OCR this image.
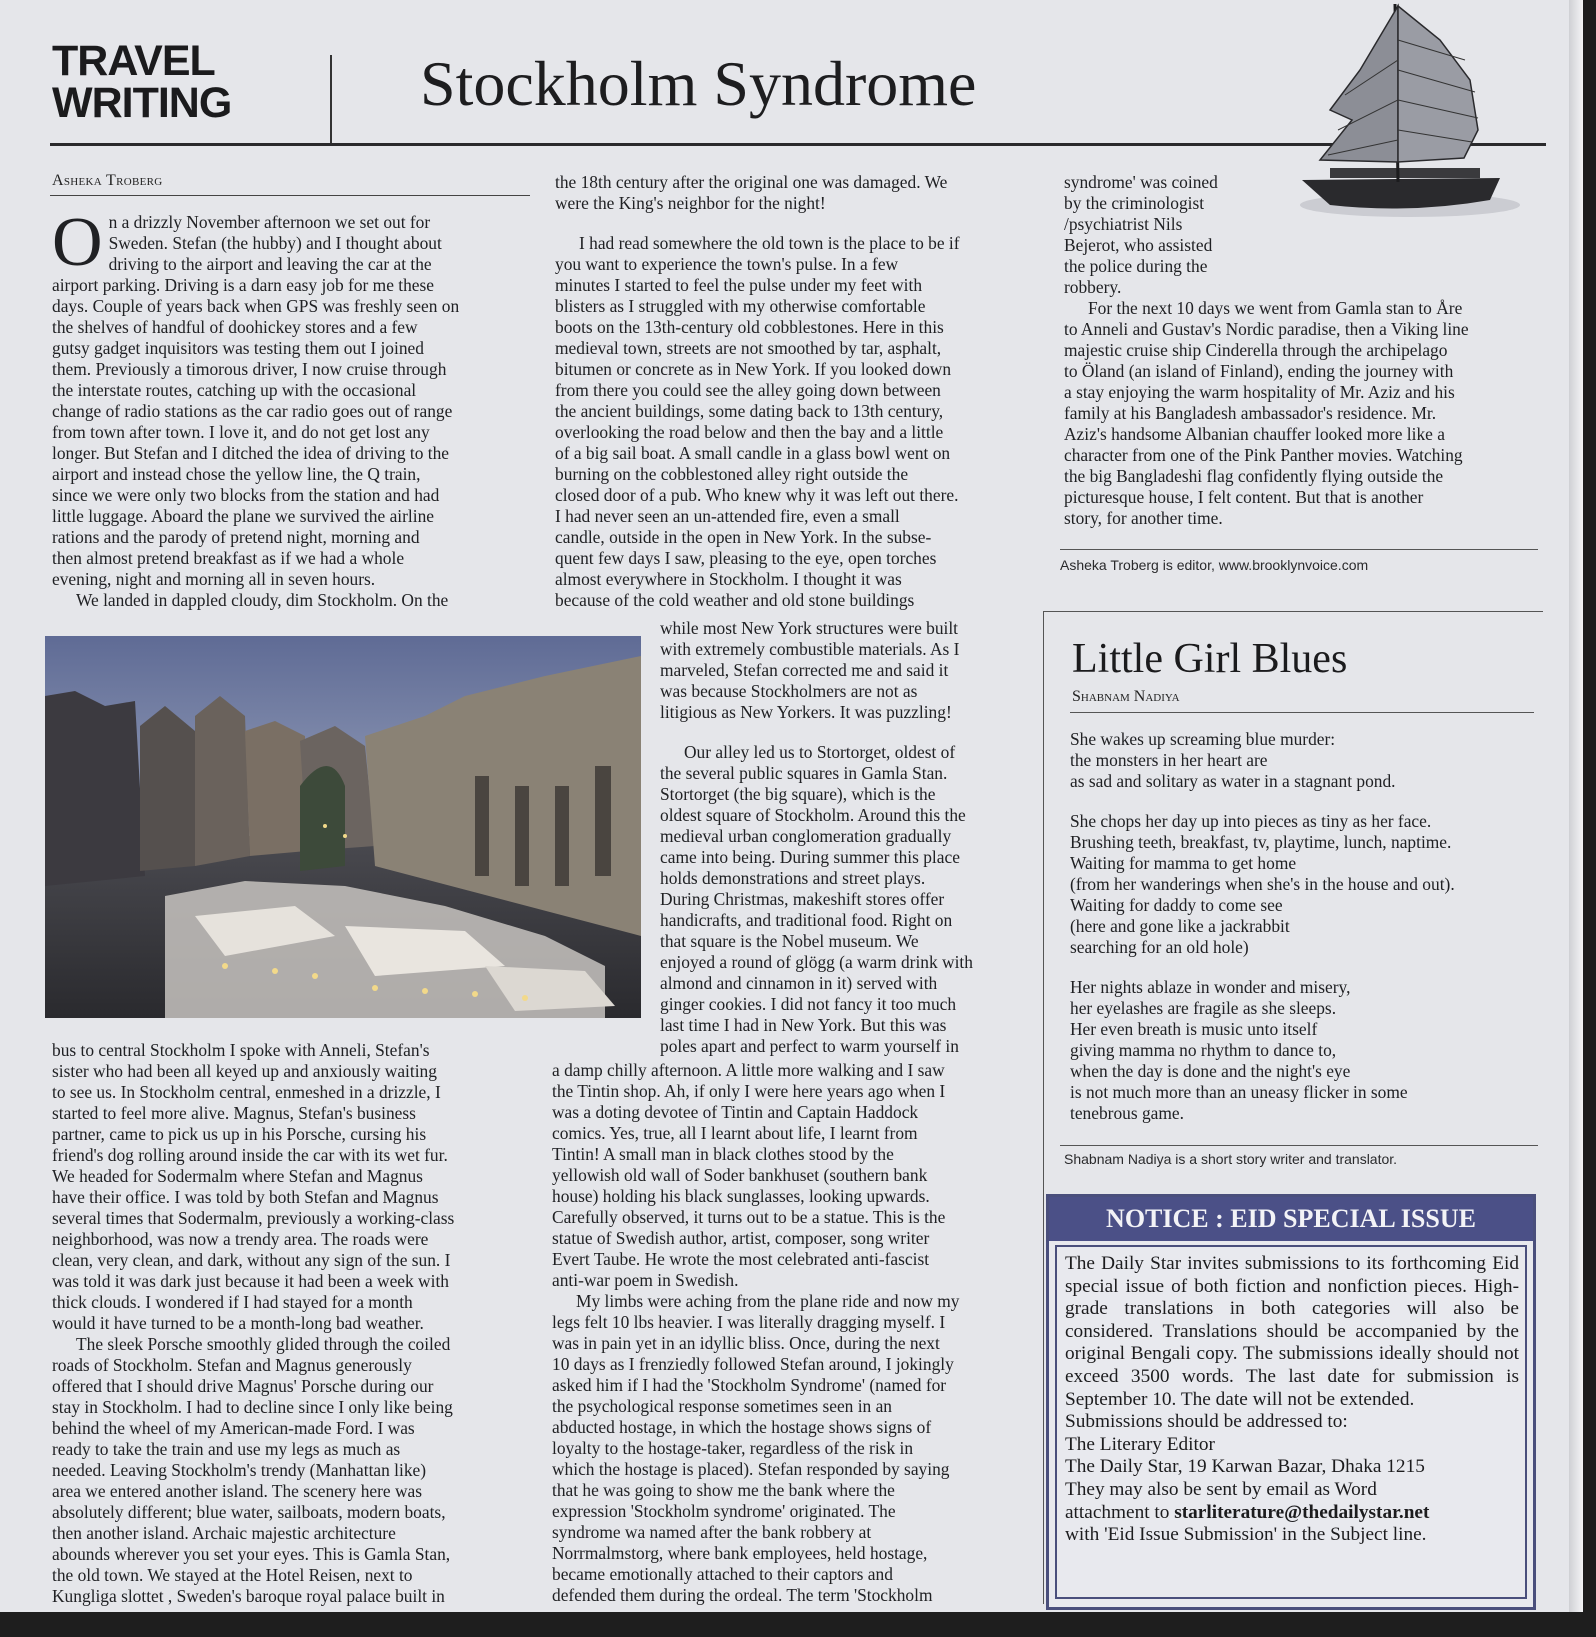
TRAVEL
WRITING	Stockholm Syndrome
Asheka Troberg
O n a drizzly November afternoon we set out for

Sweden. Stefan (the hubby) and I thought about

driving to the airport and leaving the car at the

airport parking. Driving is a darn easy job for me these

days. Couple of years back when GPS was freshly seen on

the shelves of handful of doohickey stores and a few

gutsy gadget inquisitors was testing them out I joined

them. Previously a timorous driver, I now cruise through

the interstate routes, catching up with the occasional

change of radio stations as the car radio goes out of range

from town after town. I love it, and do not get lost any

longer. But Stefan and I ditched the idea of driving to the

airport and instead chose the yellow line, the Q train,

since we were only two blocks from the station and had

little luggage. Aboard the plane we survived the airline

rations and the parody of pretend night, morning and

then almost pretend breakfast as if we had a whole

evening, night and morning all in seven hours.

We landed in dappled cloudy, dim Stockholm. On the

bus to central Stockholm I spoke with Anneli, Stefan's

sister who had been all keyed up and anxiously waiting

to see us. In Stockholm central, enmeshed in a drizzle, I

started to feel more alive. Magnus, Stefan's business

partner, came to pick us up in his Porsche, cursing his

friend's dog rolling around inside the car with its wet fur.

We headed for Sodermalm where Stefan and Magnus

have their office. I was told by both Stefan and Magnus

several times that Sodermalm, previously a working-class

neighborhood, was now a trendy area. The roads were

clean, very clean, and dark, without any sign of the sun. I

was told it was dark just because it had been a week with

thick clouds. I wondered if I had stayed for a month

would it have turned to be a month-long bad weather.

The sleek Porsche smoothly glided through the coiled

roads of Stockholm. Stefan and Magnus generously

offered that I should drive Magnus' Porsche during our

stay in Stockholm. I had to decline since I only like being

behind the wheel of my American-made Ford. I was

ready to take the train and use my legs as much as

needed. Leaving Stockholm's trendy (Manhattan like)

area we entered another island. The scenery here was

absolutely different; blue water, sailboats, modern boats,

then another island. Archaic majestic architecture

abounds wherever you set your eyes. This is Gamla Stan,

the old town. We stayed at the Hotel Reisen, next to

Kungliga slottet , Sweden's baroque royal palace built in

the 18th century after the original one was damaged. We

were the King's neighbor for the night!

I had read somewhere the old town is the place to be if

you want to experience the town's pulse. In a few

minutes I started to feel the pulse under my feet with

blisters as I struggled with my otherwise comfortable

boots on the 13th-century old cobblestones. Here in this

medieval town, streets are not smoothed by tar, asphalt,

bitumen or concrete as in New York. If you looked down

from there you could see the alley going down between

the ancient buildings, some dating back to 13th century,

overlooking the road below and then the bay and a little

of a big sail boat. A small candle in a glass bowl went on

burning on the cobblestoned alley right outside the

closed door of a pub. Who knew why it was left out there.

I had never seen an un-attended fire, even a small

candle, outside in the open in New York. In the subse-

quent few days I saw, pleasing to the eye, open torches

almost everywhere in Stockholm. I thought it was

because of the cold weather and old stone buildings

while most New York structures were built

with extremely combustible materials. As I

marveled, Stefan corrected me and said it

was because Stockholmers are not as

litigious as New Yorkers. It was puzzling!

Our alley led us to Stortorget, oldest of

the several public squares in Gamla Stan.

Stortorget (the big square), which is the

oldest square of Stockholm. Around this the

medieval urban conglomeration gradually

came into being. During summer this place

holds demonstrations and street plays.

During Christmas, makeshift stores offer

handicrafts, and traditional food. Right on

that square is the Nobel museum. We

enjoyed a round of glögg (a warm drink with

almond and cinnamon in it) served with

ginger cookies. I did not fancy it too much

last time I had in New York. But this was

poles apart and perfect to warm yourself in

a damp chilly afternoon. A little more walking and I saw

the Tintin shop. Ah, if only I were here years ago when I

was a doting devotee of Tintin and Captain Haddock

comics. Yes, true, all I learnt about life, I learnt from

Tintin! A small man in black clothes stood by the

yellowish old wall of Soder bankhuset (southern bank

house) holding his black sunglasses, looking upwards.

Carefully observed, it turns out to be a statue. This is the

statue of Swedish author, artist, composer, song writer

Evert Taube. He wrote the most celebrated anti-fascist

anti-war poem in Swedish.

My limbs were aching from the plane ride and now my

legs felt 10 lbs heavier. I was literally dragging myself. I

was in pain yet in an idyllic bliss. Once, during the next

10 days as I frenziedly followed Stefan around, I jokingly

asked him if I had the 'Stockholm Syndrome' (named for

the psychological response sometimes seen in an

abducted hostage, in which the hostage shows signs of

loyalty to the hostage-taker, regardless of the risk in

which the hostage is placed). Stefan responded by saying

that he was going to show me the bank where the

expression 'Stockholm syndrome' originated. The

syndrome wa named after the bank robbery at

Norrmalmstorg, where bank employees, held hostage,

became emotionally attached to their captors and

defended them during the ordeal. The term 'Stockholm

syndrome' was coined

by the criminologist

/psychiatrist Nils

Bejerot, who assisted

the police during the

robbery.

For the next 10 days we went from Gamla stan to Åre

to Anneli and Gustav's Nordic paradise, then a Viking line

majestic cruise ship Cinderella through the archipelago

to Öland (an island of Finland), ending the journey with

a stay enjoying the warm hospitality of Mr. Aziz and his

family at his Bangladesh ambassador's residence. Mr.

Aziz's handsome Albanian chauffer looked more like a

character from one of the Pink Panther movies. Watching

the big Bangladeshi flag confidently flying outside the

picturesque house, I felt content. But that is another

story, for another time.

Asheka Troberg is editor, www.brooklynvoice.com
Little Girl Blues
Shabnam Nadiya

She wakes up screaming blue murder:

the monsters in her heart are

as sad and solitary as water in a stagnant pond.

She chops her day up into pieces as tiny as her face.

Brushing teeth, breakfast, tv, playtime, lunch, naptime.

Waiting for mamma to get home

(from her wanderings when she's in the house and out).

Waiting for daddy to come see

(here and gone like a jackrabbit

searching for an old hole)

Her nights ablaze in wonder and misery,

her eyelashes are fragile as she sleeps.

Her even breath is music unto itself

giving mamma no rhythm to dance to,

when the day is done and the night's eye

is not much more than an uneasy flicker in some

tenebrous game.

Shabnam Nadiya is a short story writer and translator.
NOTICE : EID SPECIAL ISSUE

The Daily Star invites submissions to its forthcoming Eid special issue of both fiction and nonfiction pieces. High-grade translations in both categories will also be considered. Translations should be accompanied by the original Bengali copy. The submissions ideally should not exceed 3500 words. The last date for submission is September 10. The date will not be extended.

Submissions should be addressed to:

The Literary Editor

The Daily Star, 19 Karwan Bazar, Dhaka 1215

They may also be sent by email as Word

attachment to starliterature@thedailystar.net

with 'Eid Issue Submission' in the Subject line.
